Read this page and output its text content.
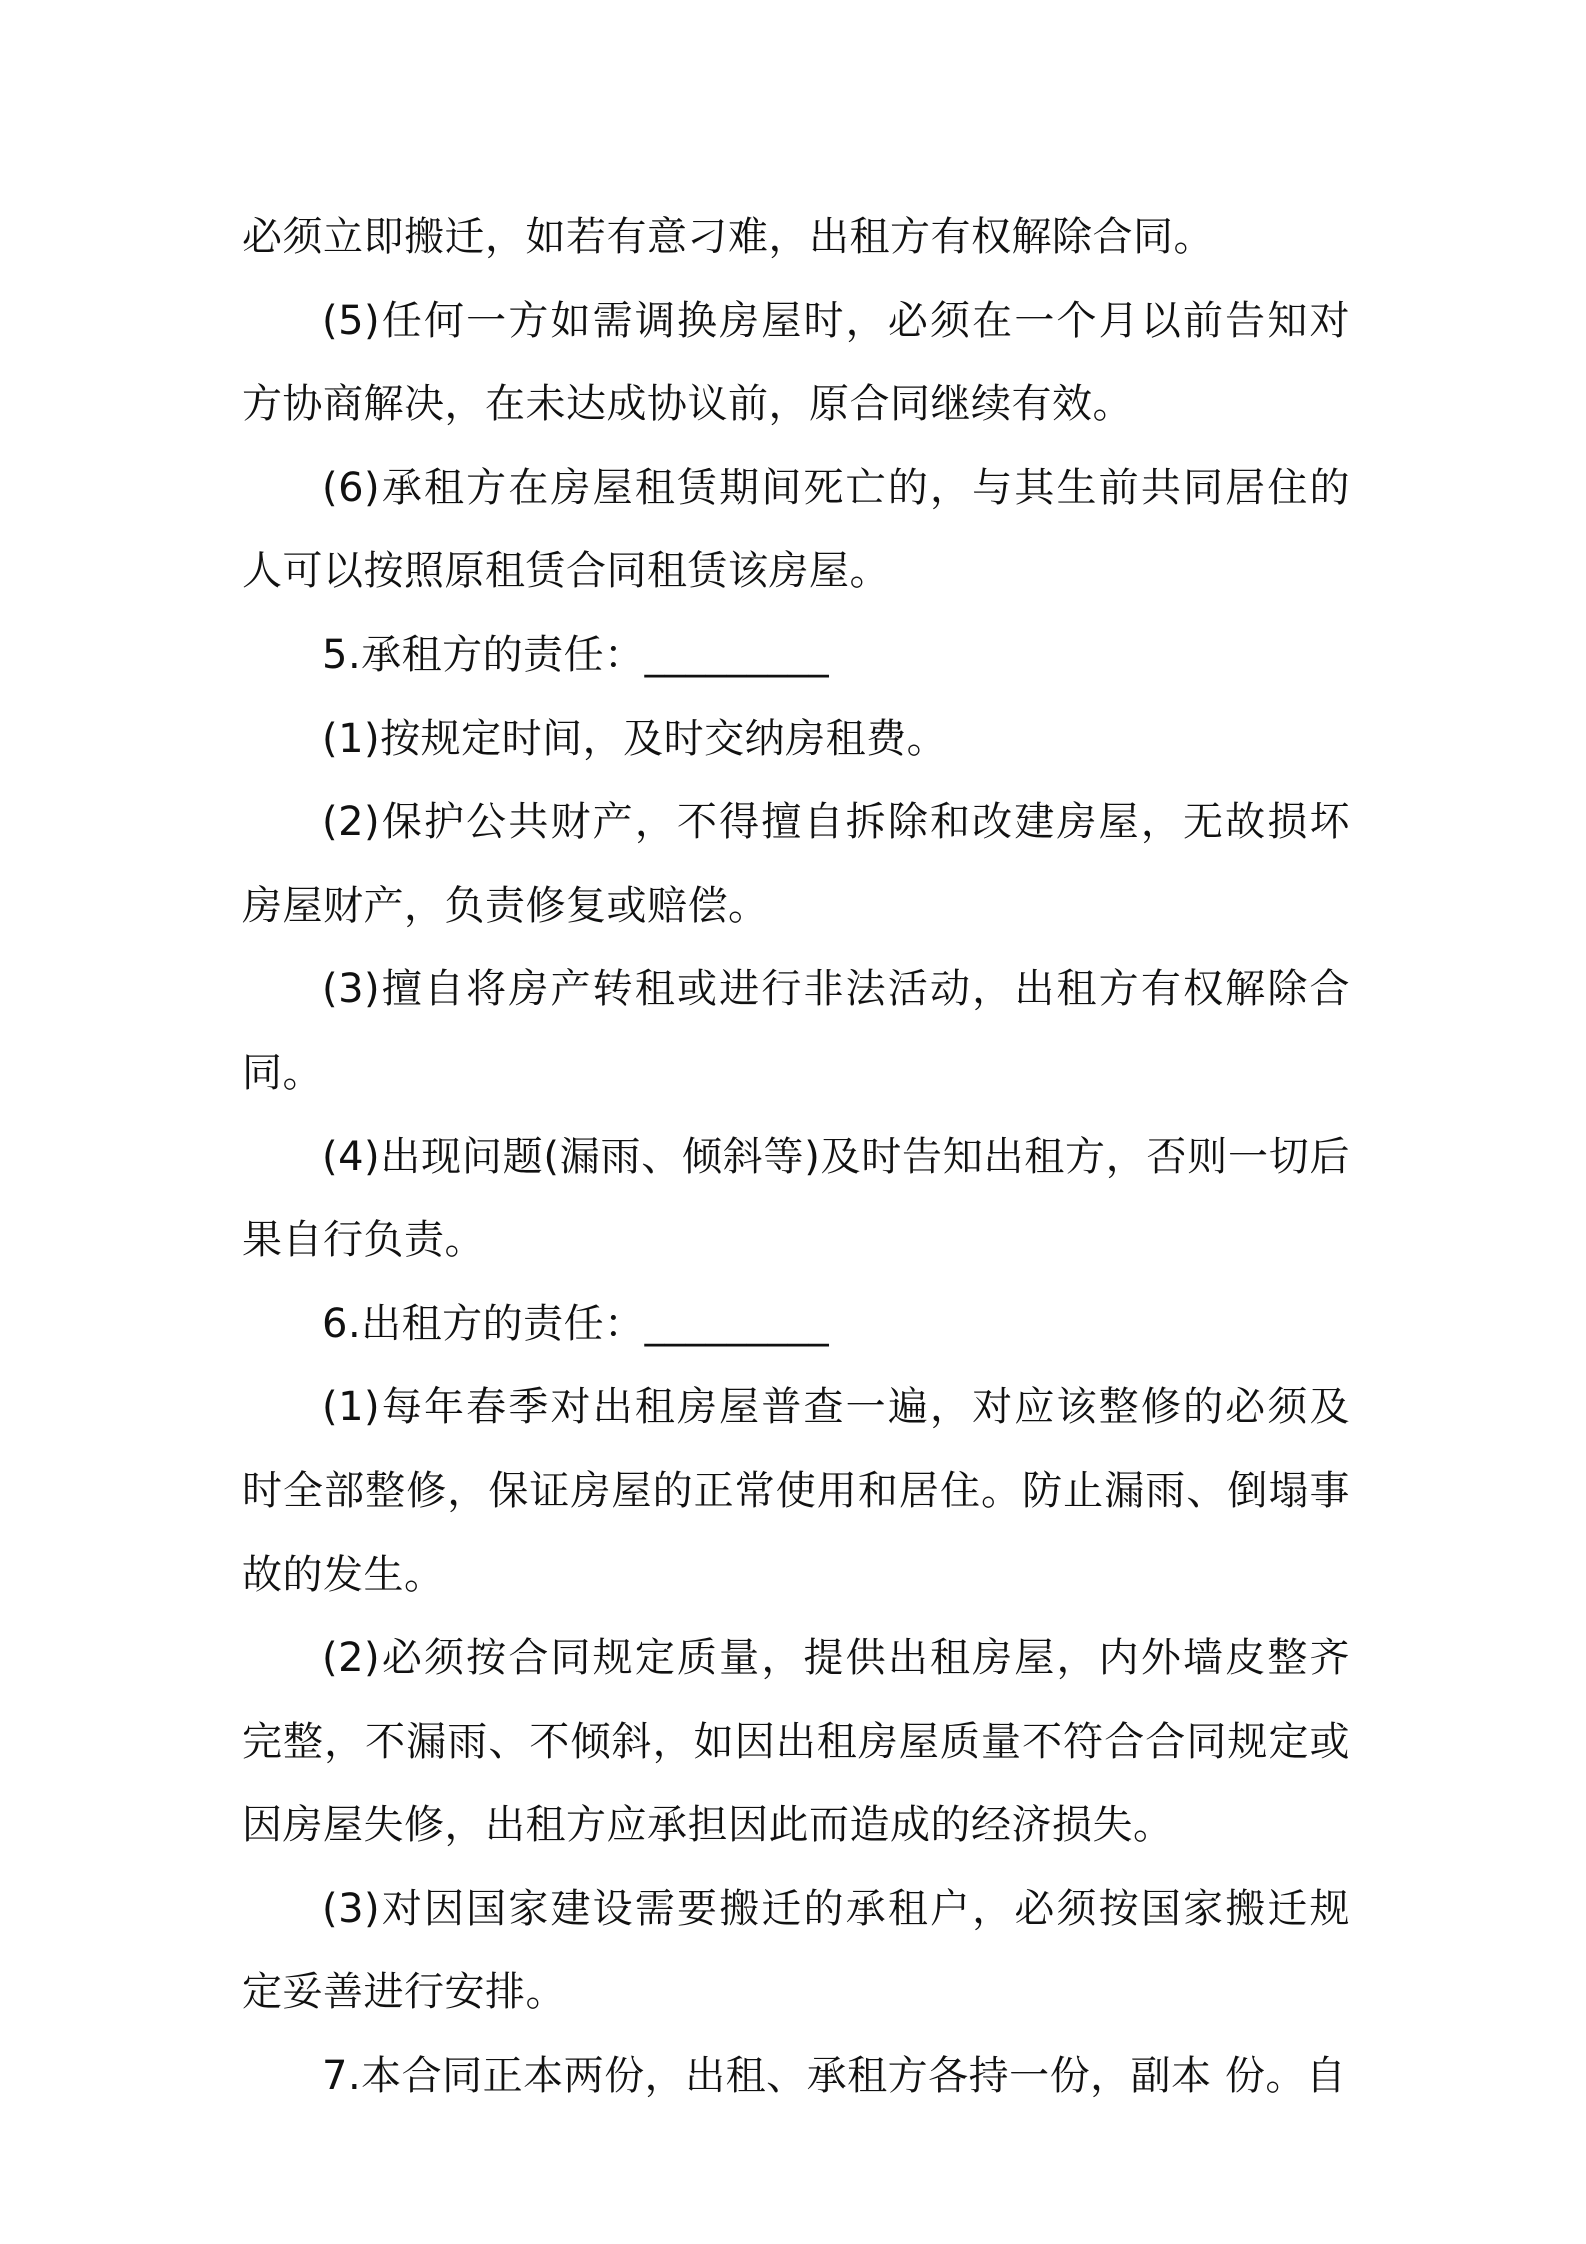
必须立即搬迁，如若有意刁难，出租方有权解除合同。

(5)任何一方如需调换房屋时，必须在一个月以前告知对方协商解决，在未达成协议前，原合同继续有效。

(6)承租方在房屋租赁期间死亡的，与其生前共同居住的人可以按照原租赁合同租赁该房屋。

5.承租方的责任：_________

(1)按规定时间，及时交纳房租费。

(2)保护公共财产，不得擅自拆除和改建房屋，无故损坏房屋财产，负责修复或赔偿。

(3)擅自将房产转租或进行非法活动，出租方有权解除合同。

(4)出现问题(漏雨、倾斜等)及时告知出租方，否则一切后果自行负责。

6.出租方的责任：_________

(1)每年春季对出租房屋普查一遍，对应该整修的必须及时全部整修，保证房屋的正常使用和居住。防止漏雨、倒塌事故的发生。

(2)必须按合同规定质量，提供出租房屋，内外墙皮整齐完整，不漏雨、不倾斜，如因出租房屋质量不符合合同规定或因房屋失修，出租方应承担因此而造成的经济损失。

(3)对因国家建设需要搬迁的承租户，必须按国家搬迁规定妥善进行安排。

7.本合同正本两份，出租、承租方各持一份，副本 份。自
